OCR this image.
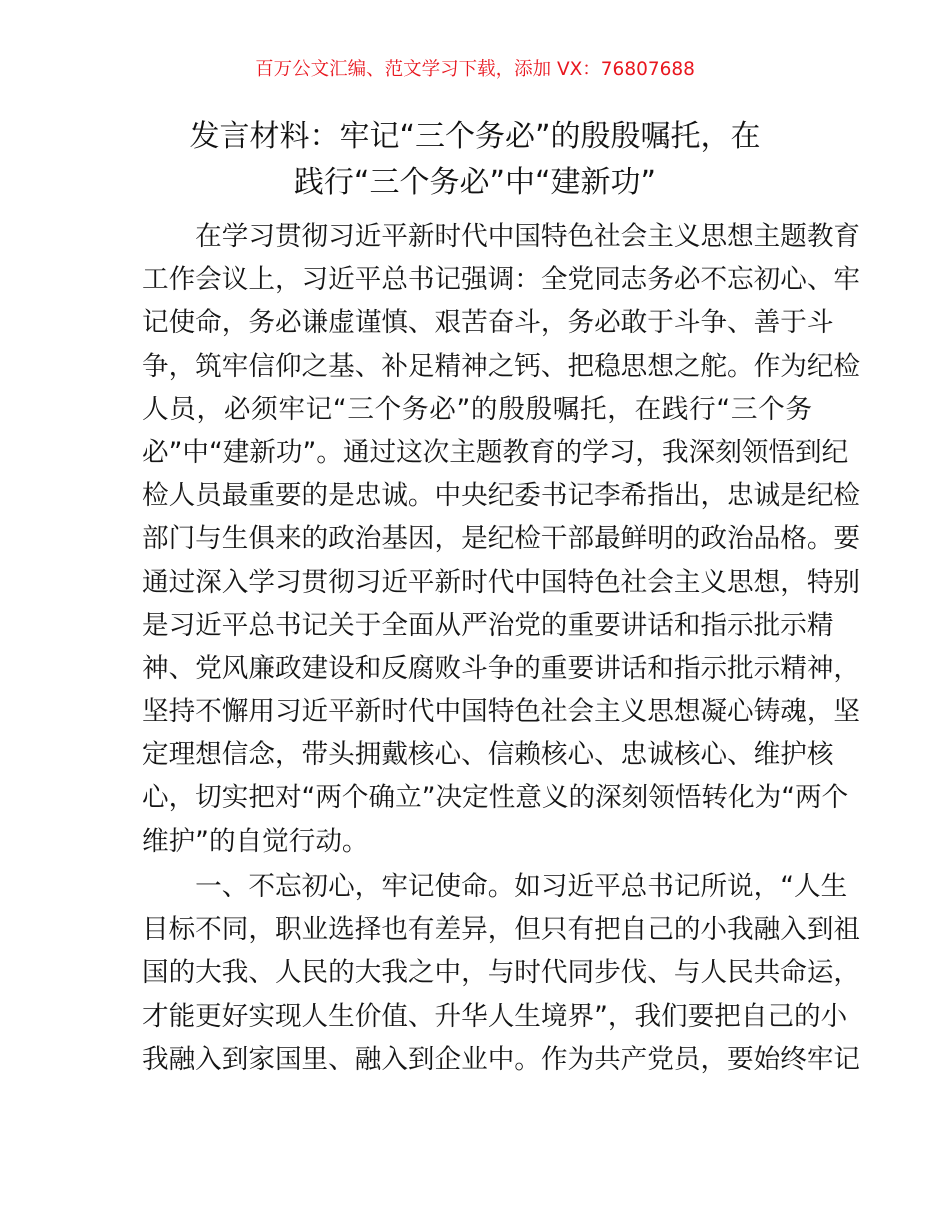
百万公文汇编、范文学习下载，添加 VX：76807688
发言材料：牢记“三个务必”的殷殷嘱托，在
践行“三个务必”中“建新功”
　　在学习贯彻习近平新时代中国特色社会主义思想主题教育
工作会议上，习近平总书记强调：全党同志务必不忘初心、牢
记使命，务必谦虚谨慎、艰苦奋斗，务必敢于斗争、善于斗
争，筑牢信仰之基、补足精神之钙、把稳思想之舵。作为纪检
人员，必须牢记“三个务必”的殷殷嘱托，在践行“三个务
必”中“建新功”。通过这次主题教育的学习，我深刻领悟到纪
检人员最重要的是忠诚。中央纪委书记李希指出，忠诚是纪检
部门与生俱来的政治基因，是纪检干部最鲜明的政治品格。要
通过深入学习贯彻习近平新时代中国特色社会主义思想，特别
是习近平总书记关于全面从严治党的重要讲话和指示批示精
神、党风廉政建设和反腐败斗争的重要讲话和指示批示精神，
坚持不懈用习近平新时代中国特色社会主义思想凝心铸魂，坚
定理想信念，带头拥戴核心、信赖核心、忠诚核心、维护核
心，切实把对“两个确立”决定性意义的深刻领悟转化为“两个
维护”的自觉行动。
　　一、不忘初心，牢记使命。如习近平总书记所说，“人生
目标不同，职业选择也有差异，但只有把自己的小我融入到祖
国的大我、人民的大我之中，与时代同步伐、与人民共命运，
才能更好实现人生价值、升华人生境界”，我们要把自己的小
我融入到家国里、融入到企业中。作为共产党员，要始终牢记
